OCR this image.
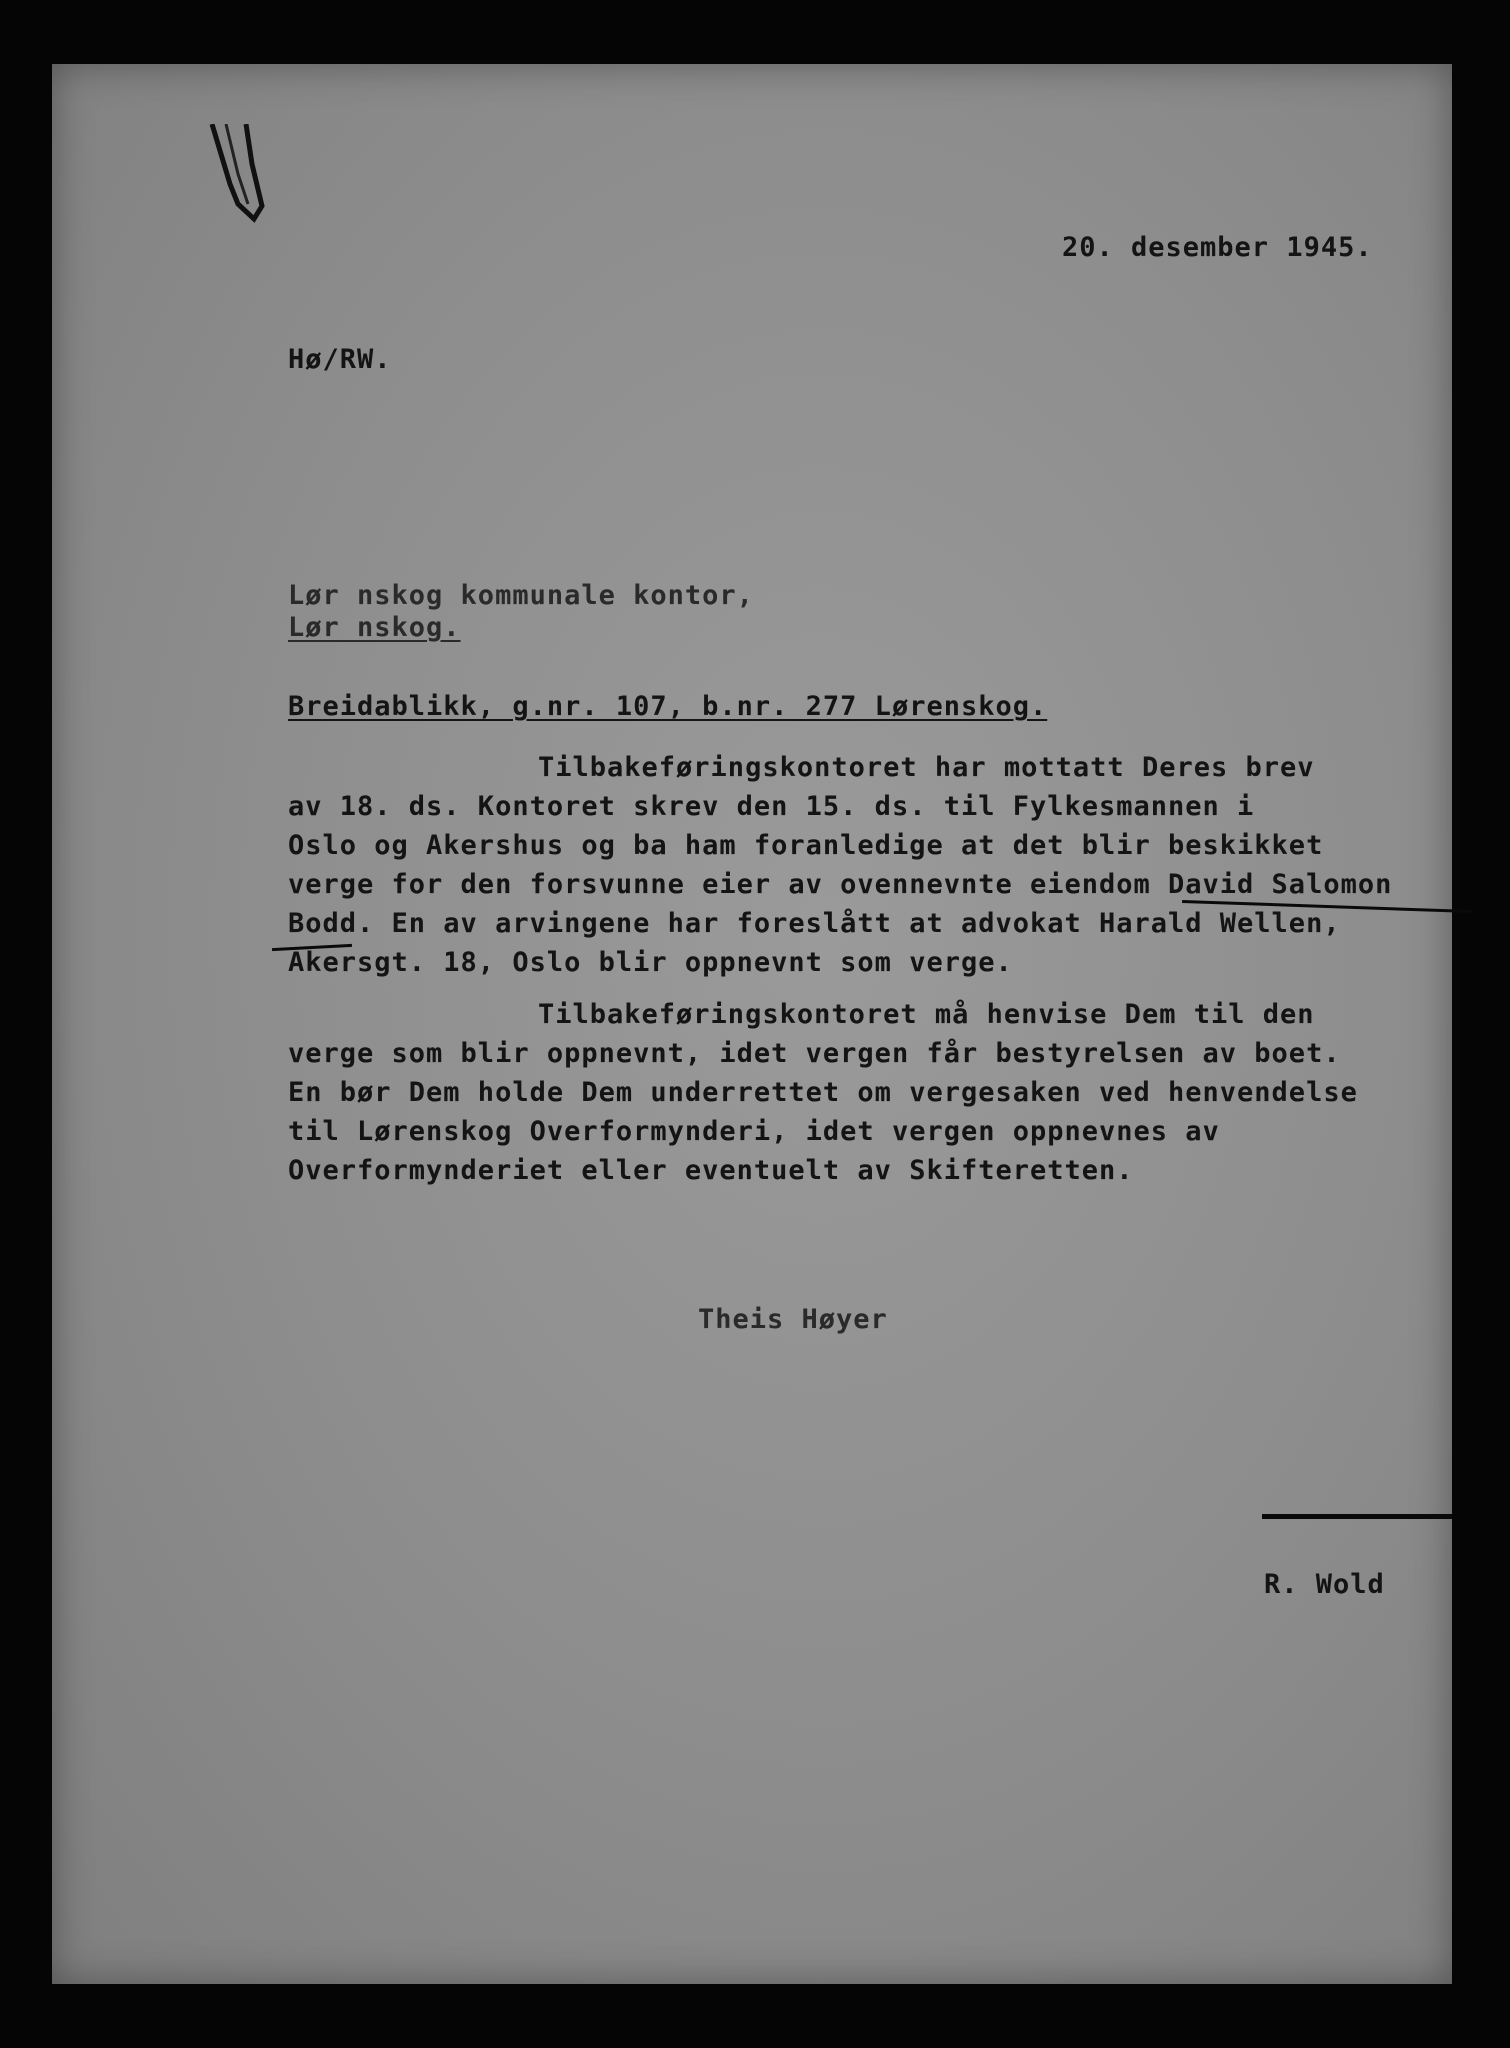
20. desember 1945.
Hø/RW.
Lør nskog kommunale kontor,
Lør nskog.
Breidablikk, g.nr. 107, b.nr. 277 Lørenskog.
Tilbakeføringskontoret har mottatt Deres brev
av 18. ds. Kontoret skrev den 15. ds. til Fylkesmannen i
Oslo og Akershus og ba ham foranledige at det blir beskikket
verge for den forsvunne eier av ovennevnte eiendom David Salomon
Bodd. En av arvingene har foreslått at advokat Harald Wellen,
Akersgt. 18, Oslo blir oppnevnt som verge.
Tilbakeføringskontoret må henvise Dem til den
verge som blir oppnevnt, idet vergen får bestyrelsen av boet.
En bør Dem holde Dem underrettet om vergesaken ved henvendelse
til Lørenskog Overformynderi, idet vergen oppnevnes av
Overformynderiet eller eventuelt av Skifteretten.
Theis Høyer
R. Wold
